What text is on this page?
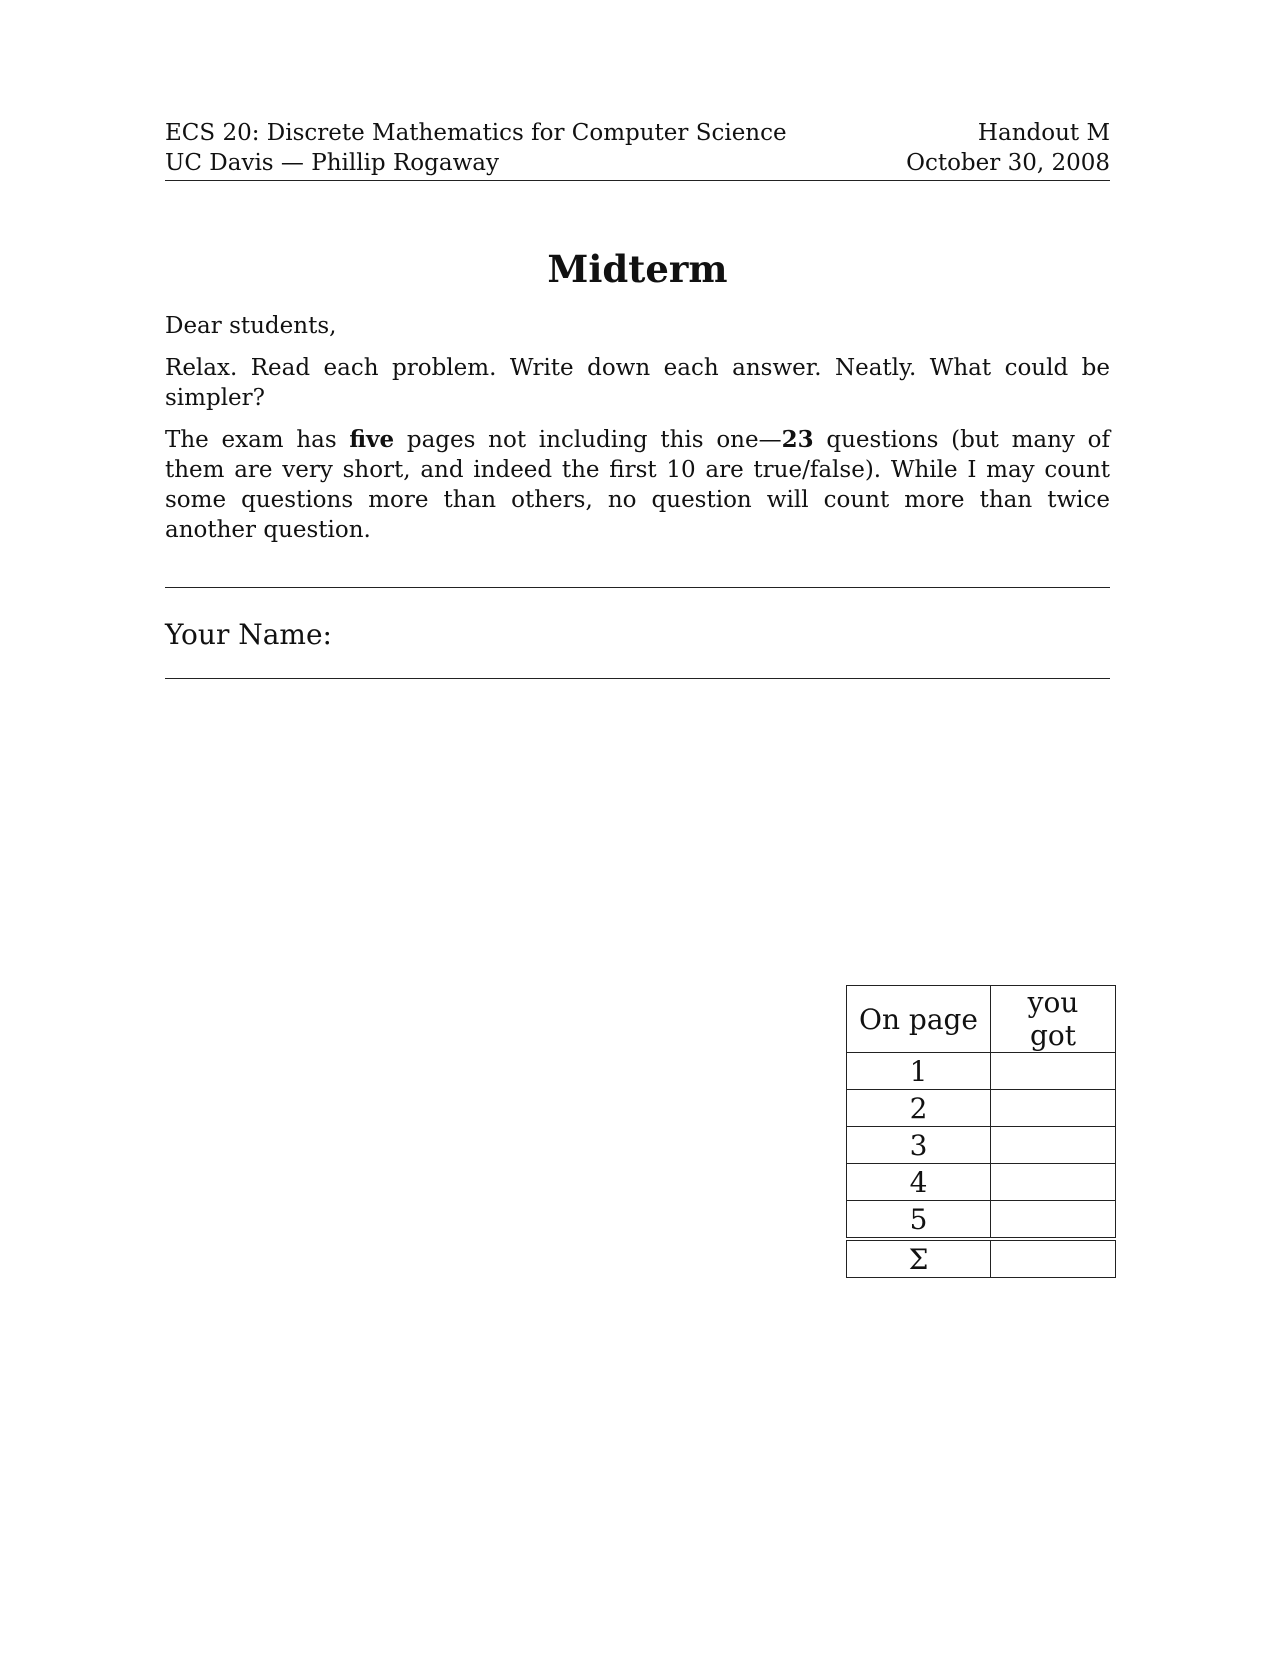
ECS 20: Discrete Mathematics for Computer Science
UC Davis — Phillip Rogaway
Handout M
October 30, 2008
Midterm

Dear students,

Relax. Read each problem. Write down each answer. Neatly. What could be simpler?

The exam has five pages not including this one—23 questions (but many of them are very short, and indeed the first 10 are true/false). While I may count some questions more than others, no question will count more than twice another question.

Your Name:
On page	you got
1	
2	
3	
4	
5	
Σ	
